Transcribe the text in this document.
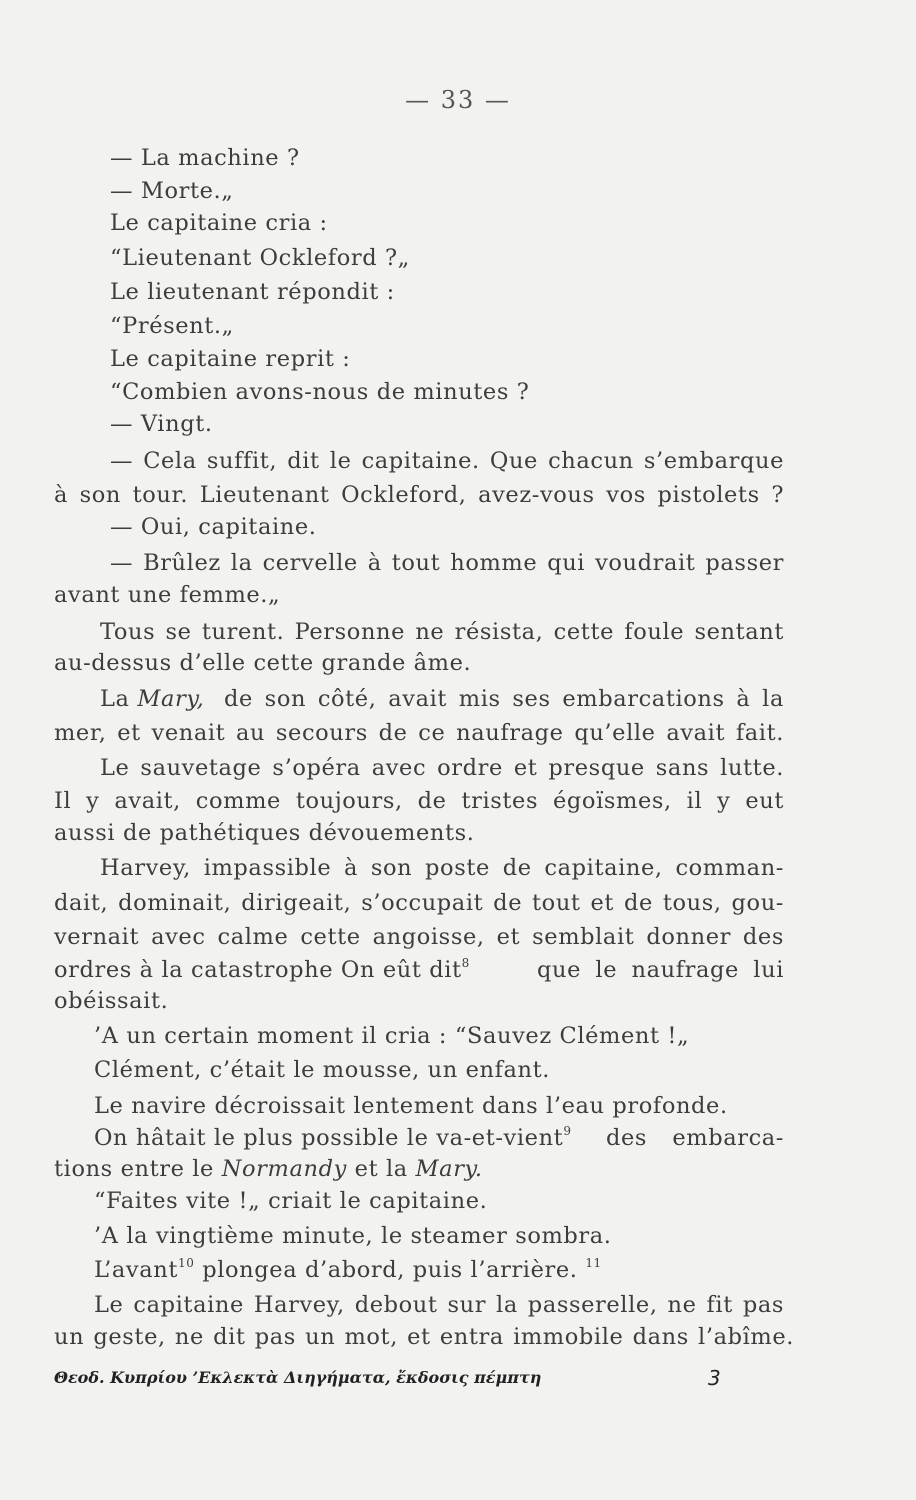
— 33 —
— La machine ?
— Morte.„
Le capitaine cria :
“Lieutenant Ockleford ?„
Le lieutenant répondit :
“Présent.„
Le capitaine reprit :
“Combien avons-nous de minutes ?
— Vingt.
— Cela suffit, dit le capitaine. Que chacun s’embarque
à son tour. Lieutenant Ockleford, avez-vous vos pistolets ?
— Oui, capitaine.
— Brûlez la cervelle à tout homme qui voudrait passer
avant une femme.„
Tous se turent. Personne ne résista, cette foule sentant
au-dessus d’elle cette grande âme.
La Mary, de son côté, avait mis ses embarcations à la
mer, et venait au secours de ce naufrage qu’elle avait fait.
Le sauvetage s’opéra avec ordre et presque sans lutte.
Il y avait, comme toujours, de tristes égoïsmes, il y eut
aussi de pathétiques dévouements.
Harvey, impassible à son poste de capitaine, comman-
dait, dominait, dirigeait, s’occupait de tout et de tous, gou-
vernait avec calme cette angoisse, et semblait donner des
ordres à la catastrophe On eût dit$^8$	que le naufrage lui
obéissait.
’A un certain moment il cria : “Sauvez Clément !„
Clément, c’était le mousse, un enfant.
Le navire décroissait lentement dans l’eau profonde.
On hâtait le plus possible le va-et-vient$^9$ des embarca-
tions entre le Normandy et la Mary.
“Faites vite !„ criait le capitaine.
’A la vingtième minute, le steamer sombra.
L’avant$^{10}$ plongea d’abord, puis l’arrière. $^{11}$
Le capitaine Harvey, debout sur la passerelle, ne fit pas
un geste, ne dit pas un mot, et entra immobile dans l’abîme.
Θεοδ. Κυπρίου ’Εκλεκτὰ Διηγήματα, ἔκδοσις πέμπτη	3
